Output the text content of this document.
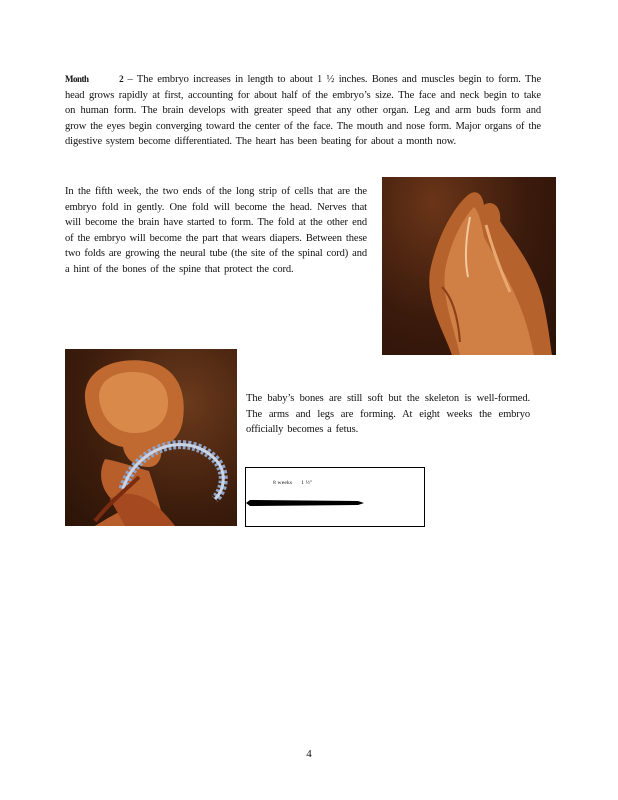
Month	2 – The embryo increases in length to about 1 ½ inches. Bones and muscles begin to form. The head grows rapidly at first, accounting for about half of the embryo’s size. The face and neck begin to take on human form. The brain develops with greater speed that any other organ. Leg and arm buds form and grow the eyes begin converging toward the center of the face. The mouth and nose form. Major organs of the digestive system become differentiated. The heart has been beating for about a month now.
In the fifth week, the two ends of the long strip of cells that are the embryo fold in gently. One fold will become the head. Nerves that will become the brain have started to form. The fold at the other end of the embryo will become the part that wears diapers. Between these two folds are growing the neural tube (the site of the spinal cord) and a hint of the bones of the spine that protect the cord.
The baby’s bones are still soft but the skeleton is well-formed. The arms and legs are forming. At eight weeks the embryo officially becomes a fetus.
8 weeks 1 ½"
4
